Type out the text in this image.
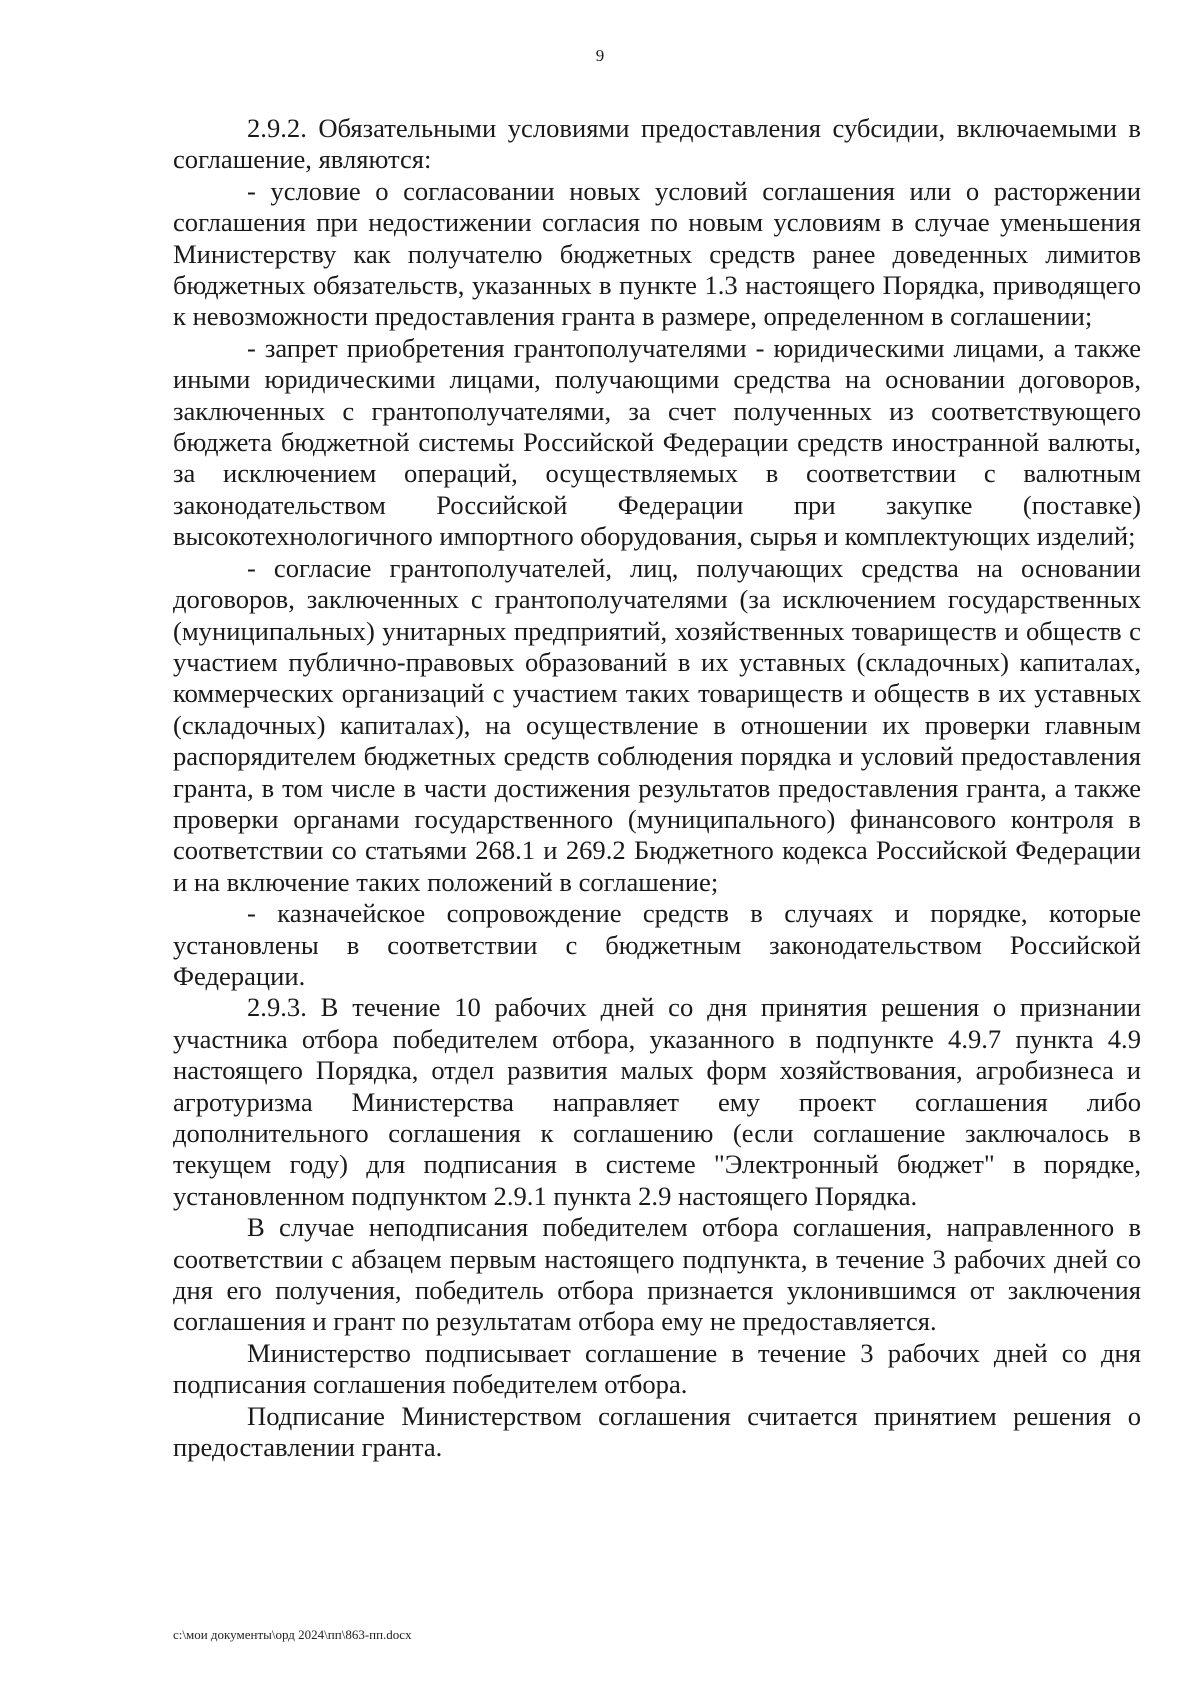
9

2.9.2. Обязательными условиями предоставления субсидии, включаемыми в соглашение, являются:

- условие о согласовании новых условий соглашения или о расторжении соглашения при недостижении согласия по новым условиям в случае уменьшения Министерству как получателю бюджетных средств ранее доведенных лимитов бюджетных обязательств, указанных в пункте 1.3 настоящего Порядка, приводящего к невозможности предоставления гранта в размере, определенном в соглашении;

- запрет приобретения грантополучателями - юридическими лицами, а также иными юридическими лицами, получающими средства на основании договоров, заключенных с грантополучателями, за счет полученных из соответствующего бюджета бюджетной системы Российской Федерации средств иностранной валюты, за исключением операций, осуществляемых в соответствии с валютным законодательством Российской Федерации при закупке (поставке) высокотехнологичного импортного оборудования, сырья и комплектующих изделий;

- согласие грантополучателей, лиц, получающих средства на основании договоров, заключенных с грантополучателями (за исключением государственных (муниципальных) унитарных предприятий, хозяйственных товариществ и обществ с участием публично-правовых образований в их уставных (складочных) капиталах, коммерческих организаций с участием таких товариществ и обществ в их уставных (складочных) капиталах), на осуществление в отношении их проверки главным распорядителем бюджетных средств соблюдения порядка и условий предоставления гранта, в том числе в части достижения результатов предоставления гранта, а также проверки органами государственного (муниципального) финансового контроля в соответствии со статьями 268.1 и 269.2 Бюджетного кодекса Российской Федерации и на включение таких положений в соглашение;

- казначейское сопровождение средств в случаях и порядке, которые установлены в соответствии с бюджетным законодательством Российской Федерации.

2.9.3. В течение 10 рабочих дней со дня принятия решения о признании участника отбора победителем отбора, указанного в подпункте 4.9.7 пункта 4.9 настоящего Порядка, отдел развития малых форм хозяйствования, агробизнеса и агротуризма Министерства направляет ему проект соглашения либо дополнительного соглашения к соглашению (если соглашение заключалось в текущем году) для подписания в системе "Электронный бюджет" в порядке, установленном подпунктом 2.9.1 пункта 2.9 настоящего Порядка.

В случае неподписания победителем отбора соглашения, направленного в соответствии с абзацем первым настоящего подпункта, в течение 3 рабочих дней со дня его получения, победитель отбора признается уклонившимся от заключения соглашения и грант по результатам отбора ему не предоставляется.

Министерство подписывает соглашение в течение 3 рабочих дней со дня подписания соглашения победителем отбора.

Подписание Министерством соглашения считается принятием решения о предоставлении гранта.

c:\мои документы\орд 2024\пп\863-пп.docx
